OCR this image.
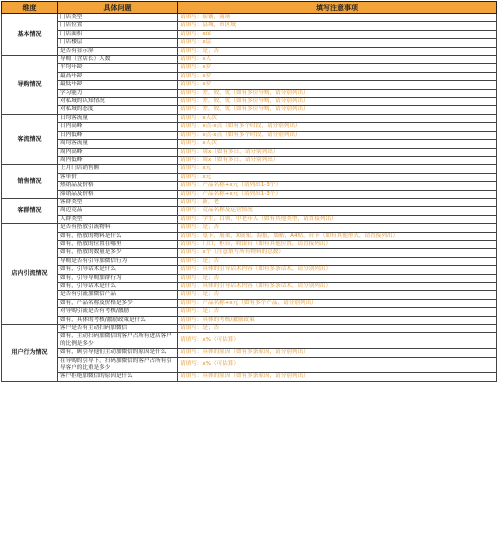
维度	具体问题	填写注意事项
基本情况	门店类型	请填写：街铺，商场
	门店位置	请填写：县城，市区域
	门店面积	请填写：x㎡
	门店楼层	请填写：x层
	是否有显示屏	请填写：是；否
导购情况	导购（含店长）人数	请填写：x人
	平均年龄	请填写：x岁
	最高年龄	请填写：x岁
	最低年龄	请填写：x岁
	学习能力	请填写：差，较，优（如有多位导购，请分别列出）
	对私域的认知情况	请填写：差，较，优（如有多位导购，请分别列出）
	对私域的态度	请填写：差，较，优（如有多位导购，请分别列出）
客流情况	日均客流量	请填写：x人次
	日内高峰	请填写：x点-x点（如有多个时段，请分别列出）
	日内低峰	请填写：x点-x点（如有多个时段，请分别列出）
	周均客流量	请填写：x人次
	周内高峰	请填写：周x（如有多日，请分别列出）
	周内低峰	请填写：周x（如有多日，请分别列出）
销售情况	上月门店销售额	请填写：x元
	客单价	请填写：x元
	热销品及价格	请填写：产品名称+x元（请列出1-3个）
	滞销品及价格	请填写：产品名称+x元（请列出1-3个）
客群情况	客群类型	请填写：新，老
	周边竞品	请填写：竞品名称及运营情况
	人群类型	请填写：学生，白领，中老年人（如有其他类型，请直接列出）
店内引流情况	是否有搭放引流物料	请填写：是；否
	如有，搭放的物料是什么	请填写：桌卡，展架，X展架，海报，墙贴，A4贴，台卡（如有其他形式，请直接列出）
	如有，搭放的位置在哪里	请填写：门口，柜台，收银台（如有其他位置，请直接列出）
	如有，搭放的数量是多少	请填写：x个（注意填写所有物料的总数）
	导购是否有引导加微信行为	请填写：是；否
	如有，引导话术是什么	请填写：具体的引导话术内容（如有多条话术，请分别列出）
	如有，引导导购加群行为	请填写：是；否
	如有，引导话术是什么	请填写：具体的引导话术内容（如有多条话术，请分别列出）
	是否有引流加微信产品	请填写：是；否
	如有，产品名称及价格是多少	请填写：产品名称+x元（如有多个产品，请分别列出）
	对导购引流是否有考核/激励	请填写：是；否
	如有，具体的考核/激励政策是什么	请填写：具体的考核/激励政策
用户行为情况	客户是否有主动扫码加微信	请填写：是；否
	如有，主动扫码加微信的客户占所有进店客户的比例是多少	请填写：x%（可估算）
	如有，顾引导他们主动加微信的原因是什么	请填写：具体的原因（如有多条原因，请分别列出）
	在导购的引导下，扫码加微信的客户占所有引导客户的比重是多少	请填写：x%（可估算）
	客户拒绝加微信的原因是什么	请填写：具体的原因（如有多条原因，请分别列出）
